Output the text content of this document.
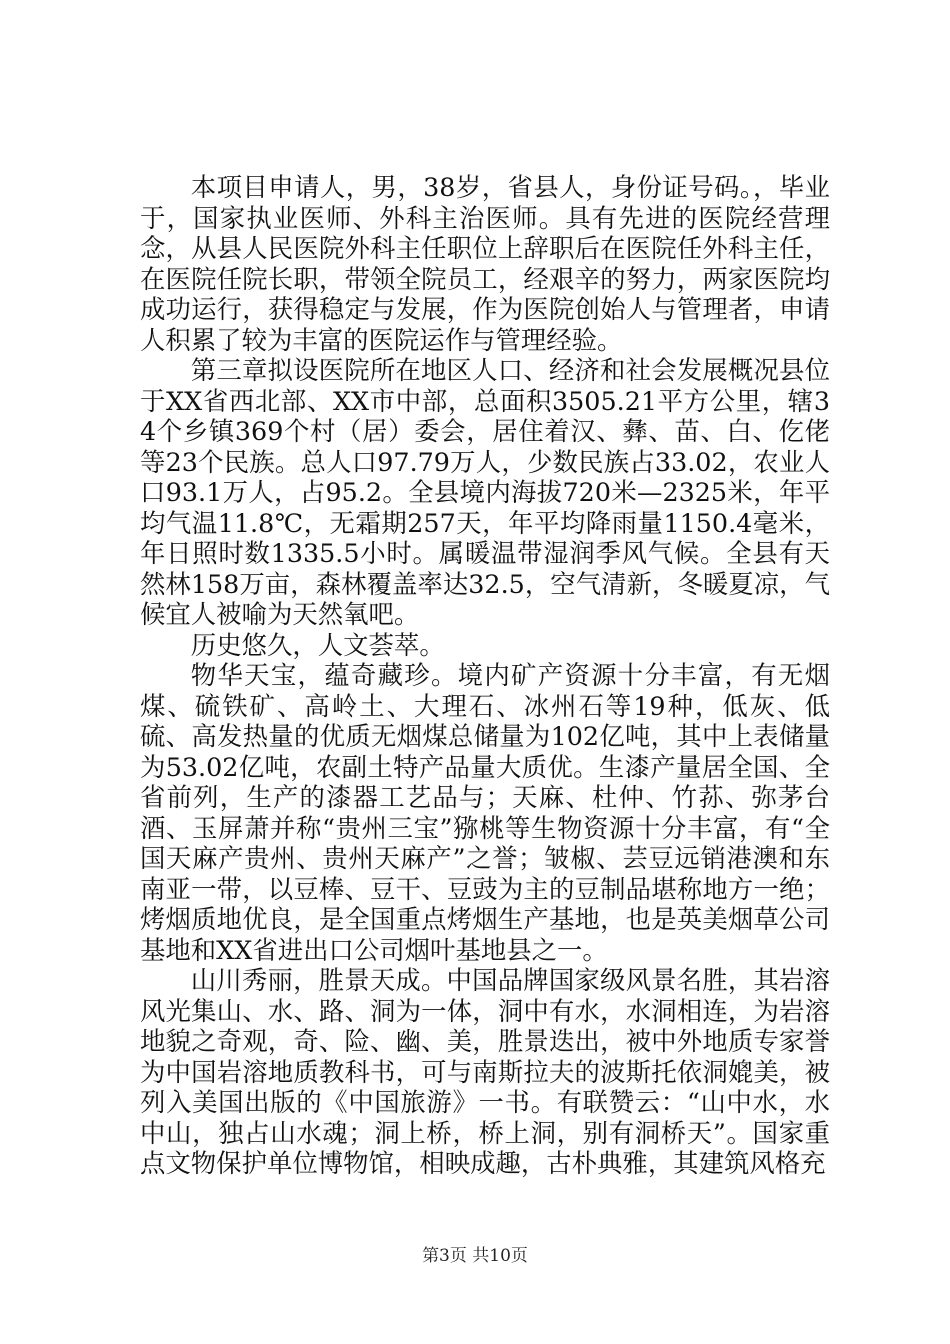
本项目申请人，男，38岁，省县人，身份证号码。，毕业于，国家执业医师、外科主治医师。具有先进的医院经营理念，从县人民医院外科主任职位上辞职后在医院任外科主任，在医院任院长职，带领全院员工，经艰辛的努力，两家医院均成功运行，获得稳定与发展，作为医院创始人与管理者，申请人积累了较为丰富的医院运作与管理经验。

第三章拟设医院所在地区人口、经济和社会发展概况县位于XX省西北部、XX市中部，总面积3505.21平方公里，辖34个乡镇369个村（居）委会，居住着汉、彝、苗、白、仡佬等23个民族。总人口97.79万人，少数民族占33.02，农业人口93.1万人，占95.2。全县境内海拔720米—2325米，年平均气温11.8℃，无霜期257天，年平均降雨量1150.4毫米，年日照时数1335.5小时。属暖温带湿润季风气候。全县有天然林158万亩，森林覆盖率达32.5，空气清新，冬暖夏凉，气候宜人被喻为天然氧吧。

历史悠久，人文荟萃。

物华天宝，蕴奇藏珍。境内矿产资源十分丰富，有无烟煤、硫铁矿、高岭土、大理石、冰州石等19种，低灰、低硫、高发热量的优质无烟煤总储量为102亿吨，其中上表储量为53.02亿吨，农副土特产品量大质优。生漆产量居全国、全省前列，生产的漆器工艺品与；天麻、杜仲、竹荪、弥茅台酒、玉屏萧并称“贵州三宝”猕桃等生物资源十分丰富，有“全国天麻产贵州、贵州天麻产”之誉；皱椒、芸豆远销港澳和东南亚一带，以豆棒、豆干、豆豉为主的豆制品堪称地方一绝；烤烟质地优良，是全国重点烤烟生产基地，也是英美烟草公司基地和XX省进出口公司烟叶基地县之一。

山川秀丽，胜景天成。中国品牌国家级风景名胜，其岩溶风光集山、水、路、洞为一体，洞中有水，水洞相连，为岩溶地貌之奇观，奇、险、幽、美，胜景迭出，被中外地质专家誉为中国岩溶地质教科书，可与南斯拉夫的波斯托依洞媲美，被列入美国出版的《中国旅游》一书。有联赞云：“山中水，水中山，独占山水魂；洞上桥，桥上洞，别有洞桥天”。国家重点文物保护单位博物馆，相映成趣，古朴典雅，其建筑风格充

第3页 共10页
